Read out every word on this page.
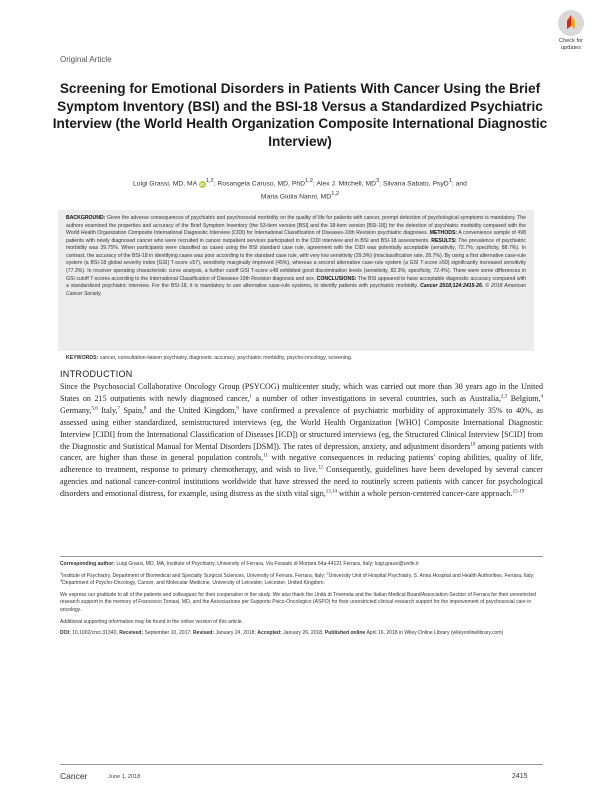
Check for
updates
Original Article
Screening for Emotional Disorders in Patients With Cancer Using the Brief Symptom Inventory (BSI) and the BSI-18 Versus a Standardized Psychiatric Interview (the World Health Organization Composite International Diagnostic Interview)
Luigi Grassi, MD, MA iD$^{1,2}$; Rosangela Caruso, MD, PhD$^{1,2}$; Alex J. Mitchell, $MD^3$; Silvana Sabato, PsyD$^1$; and
Maria Giulia Nanni, MD$^{1,2}$
BACKGROUND: Given the adverse consequences of psychiatric and psychosocial morbidity on the quality of life for patients with cancer, prompt detection of psychological symptoms is mandatory. The authors examined the properties and accuracy of the Brief Symptom Inventory (the 53-item version [BSI] and the 18-item version [BSI-18]) for the detection of psychiatric morbidity compared with the World Health Organization Composite International Diagnostic Interview (CIDI) for International Classification of Diseases-10th Revision psychiatric diagnoses. METHODS: A convenience sample of 498 patients with newly diagnosed cancer who were recruited in cancer outpatient services participated in the CIDI interview and in BSI and BSI-18 assessments. RESULTS: The prevalence of psychiatric morbidity was 39.75%. When participants were classified as cases using the BSI standard case rule, agreement with the CIDI was potentially acceptable (sensitivity, 72.7%; specificity, 88.7%). In contrast, the accuracy of the BSI-18 in identifying cases was poor according to the standard case rule, with very low sensitivity (29.3%) (misclassification rate, 28.7%). By using a first alternative case-rule system (a BSI-18 global severity index [GSI] T-score ≥57), sensitivity marginally improved (45%), whereas a second alternative case-rule system (a GSI T-score ≥50) significantly increased sensitivity (77.3%). In receiver operating characteristic curve analysis, a further cutoff GSI T-score ≥48 exhibited good discrimination levels (sensitivity, 82.3%; specificity, 72.4%). There were some differences in GSI cutoff T-scores according to the International Classification of Diseases-10th Revision diagnosis and sex. CONCLUSIONS: The BSI appeared to have acceptable diagnostic accuracy compared with a standardized psychiatric interview. For the BSI-18, it is mandatory to use alternative case-rule systems, to identify patients with psychiatric morbidity. Cancer 2018;124:2415-26. © 2018 American Cancer Society.
KEYWORDS: cancer, consultation-liaison psychiatry, diagnostic accuracy, psychiatric morbidity, psycho-oncology, screening.
INTRODUCTION
Since the Psychosocial Collaborative Oncology Group (PSYCOG) multicenter study, which was carried out more than 30 years ago in the United States on 215 outpatients with newly diagnosed cancer,$^1$ a number of other investigations in several countries, such as Australia,$^{2,3}$ Belgium,$^4$ Germany,$^{5,6}$ Italy,$^7$ Spain,$^8$ and the United Kingdom,$^9$ have confirmed a prevalence of psychiatric morbidity of approximately 35% to 40%, as assessed using either standardized, semistructured interviews (eg, the World Health Organization [WHO] Composite International Diagnostic Interview [CIDI] from the International Classification of Diseases [ICD]) or structured interviews (eg, the Structured Clinical Interview [SCID] from the Diagnostic and Statistical Manual for Mental Disorders [DSM]). The rates of depression, anxiety, and adjustment disorders$^{10}$ among patients with cancer, are higher than those in general population controls,$^{11}$ with negative consequences in reducing patients' coping abilities, quality of life, adherence to treatment, response to primary chemotherapy, and wish to live.$^{12}$ Consequently, guidelines have been developed by several cancer agencies and national cancer-control institutions worldwide that have stressed the need to routinely screen patients with cancer for psychological disorders and emotional distress, for example, using distress as the sixth vital sign,$^{13,14}$ within a whole person-centered cancer-care approach.$^{15-19}$

Corresponding author: Luigi Grassi, MD, MA, Institute of Psychiatry, University of Ferrara, Via Fossato di Mortara 64a-44121 Ferrara, Italy; luigi.grassi@unife.it

$^1$Institute of Psychiatry, Department of Biomedical and Specialty Surgical Sciences, University of Ferrara, Ferrara, Italy; $^2$University Unit of Hospital Psychiatry, S. Anna Hospital and Health Authorities, Ferrara, Italy; $^3$Department of Psycho-Oncology, Cancer, and Molecular Medicine, University of Leicester, Leicester, United Kingdom.

We express our gratitude to all of the patients and colleagues for their cooperation in the study. We also thank the Unità di Triveneta and the Italian Medical Board/Association-Section of Ferrara for their unrestricted research support in the memory of Francesco Tomasi, MD, and the Associazione per Supporto Psico-Oncologico (ASPO) for their unrestricted clinical research support for the improvement of psychosocial care in oncology.

Additional supporting information may be found in the online version of this article.

DOI: 10.1002/cncr.31340, Received: September 10, 2017; Revised: January 24, 2018; Accepted: January 26, 2018, Published online April 16, 2018 in Wiley Online Library (wileyonlinelibrary.com)

Cancer	June 1, 2018	2415
